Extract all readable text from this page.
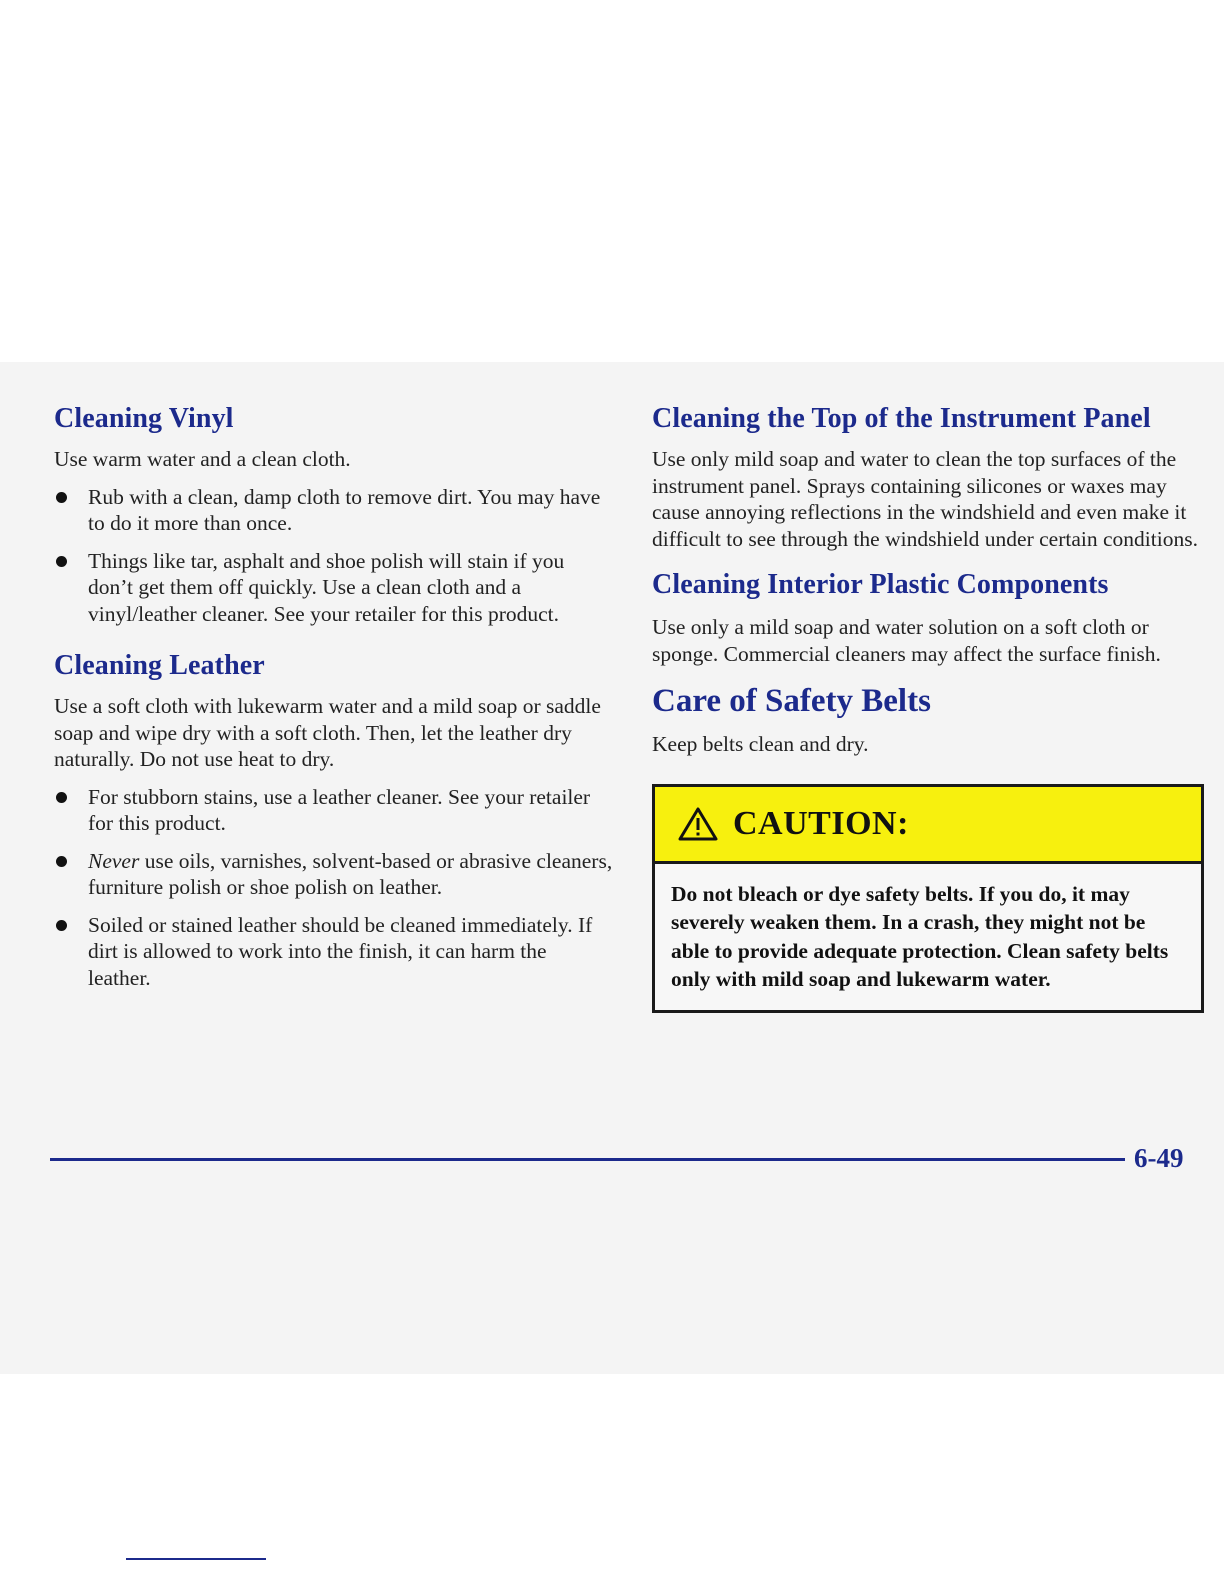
Cleaning Vinyl

Use warm water and a clean cloth.

Rub with a clean, damp cloth to remove dirt. You may have to do it more than once.
Things like tar, asphalt and shoe polish will stain if you don’t get them off quickly. Use a clean cloth and a vinyl/leather cleaner. See your retailer for this product.
Cleaning Leather

Use a soft cloth with lukewarm water and a mild soap or saddle soap and wipe dry with a soft cloth. Then, let the leather dry naturally. Do not use heat to dry.

For stubborn stains, use a leather cleaner. See your retailer for this product.
Never use oils, varnishes, solvent-based or abrasive cleaners, furniture polish or shoe polish on leather.
Soiled or stained leather should be cleaned immediately. If dirt is allowed to work into the finish, it can harm the leather.
Cleaning the Top of the Instrument Panel

Use only mild soap and water to clean the top surfaces of the instrument panel. Sprays containing silicones or waxes may cause annoying reflections in the windshield and even make it difficult to see through the windshield under certain conditions.

Cleaning Interior Plastic Components

Use only a mild soap and water solution on a soft cloth or sponge. Commercial cleaners may affect the surface finish.

Care of Safety Belts

Keep belts clean and dry.

CAUTION:
Do not bleach or dye safety belts. If you do, it may severely weaken them. In a crash, they might not be able to provide adequate protection. Clean safety belts only with mild soap and lukewarm water.
6-49
